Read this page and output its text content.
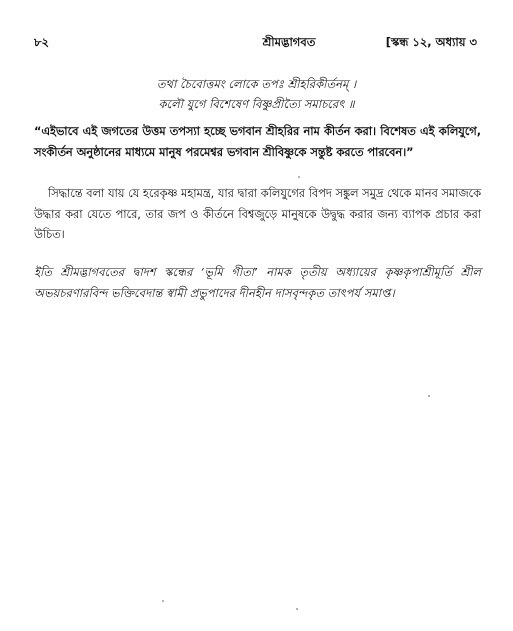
৮২	শ্রীমদ্ভাগবত	[স্কন্ধ ১২, অধ্যায় ৩
তথা চৈবোত্তমং লোকে তপঃ শ্রীহরিকীর্তনম্ ।
কলৌ যুগে বিশেষেণ বিষ্ণুপ্রীত্যৈ সমাচরেৎ ॥

“এইভাবে এই জগতের উত্তম তপস্যা হচ্ছে ভগবান শ্রীহরির নাম কীর্তন করা। বিশেষত এই কলিযুগে, সংকীর্তন অনুষ্ঠানের মাধ্যমে মানুষ পরমেশ্বর ভগবান শ্রীবিষ্ণুকে সন্তুষ্ট করতে পারবেন।”

সিদ্ধান্তে বলা যায় যে হরেকৃষ্ণ মহামন্ত্র, যার দ্বারা কলিযুগের বিপদ সঙ্কুল সমুদ্র থেকে মানব সমাজকে উদ্ধার করা যেতে পারে, তার জপ ও কীর্তনে বিশ্বজুড়ে মানুষকে উদ্বুদ্ধ করার জন্য ব্যাপক প্রচার করা উচিত।

ইতি শ্রীমদ্ভাগবতের দ্বাদশ স্কন্ধের ‘ভূমি গীতা’ নামক তৃতীয় অধ্যায়ের কৃষ্ণকৃপাশ্রীমূর্তি শ্রীল অভয়চরণারবিন্দ ভক্তিবেদান্ত স্বামী প্রভুপাদের দীনহীন দাসবৃন্দকৃত তাৎপর্য সমাপ্ত।
